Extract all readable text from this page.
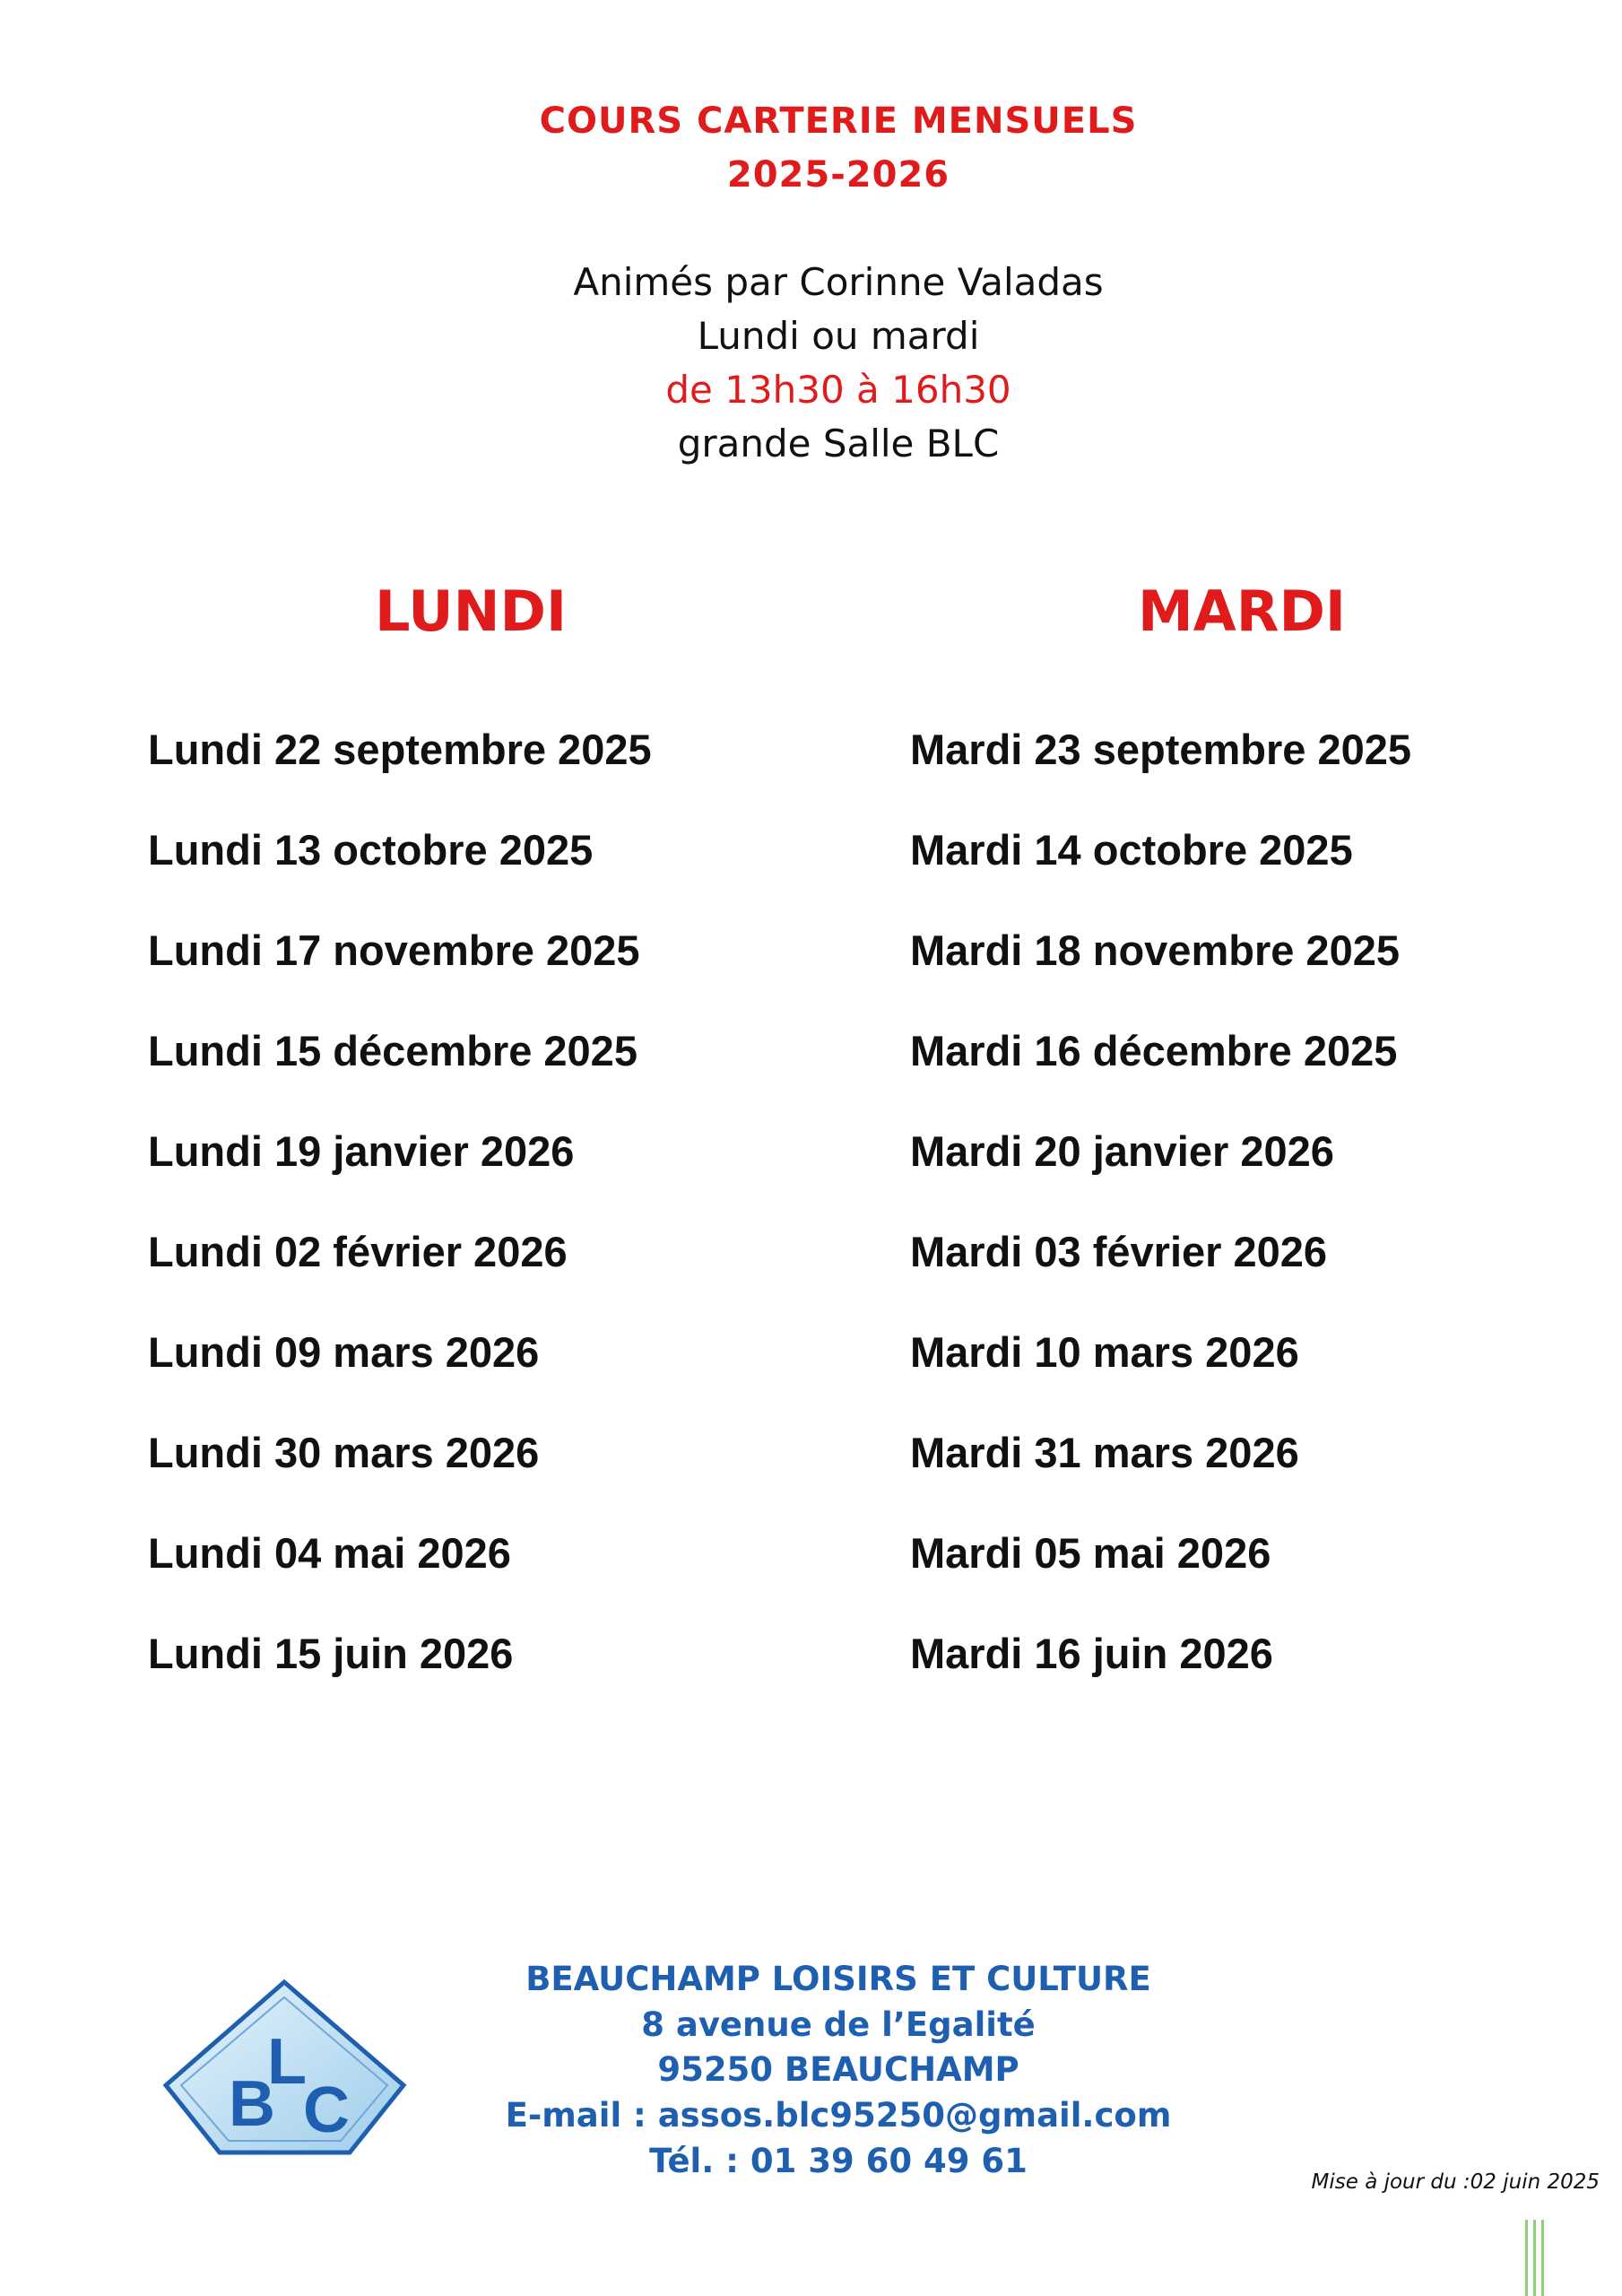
COURS CARTERIE MENSUELS
2025-2026
Animés par Corinne Valadas
Lundi ou mardi
de 13h30 à 16h30
grande Salle BLC
LUNDI	MARDI
Lundi 22 septembre 2025
Lundi 13 octobre 2025
Lundi 17 novembre 2025
Lundi 15 décembre 2025
Lundi 19 janvier 2026
Lundi 02 février 2026
Lundi 09 mars 2026
Lundi 30 mars 2026
Lundi 04 mai 2026
Lundi 15 juin 2026
Mardi 23 septembre 2025
Mardi 14 octobre 2025
Mardi 18 novembre 2025
Mardi 16 décembre 2025
Mardi 20 janvier 2026
Mardi 03 février 2026
Mardi 10 mars 2026
Mardi 31 mars 2026
Mardi 05 mai 2026
Mardi 16 juin 2026
B
L
C
BEAUCHAMP LOISIRS ET CULTURE
8 avenue de l’Egalité
95250 BEAUCHAMP
E-mail : assos.blc95250@gmail.com
Tél. : 01 39 60 49 61
Mise à jour du :02 juin 2025
